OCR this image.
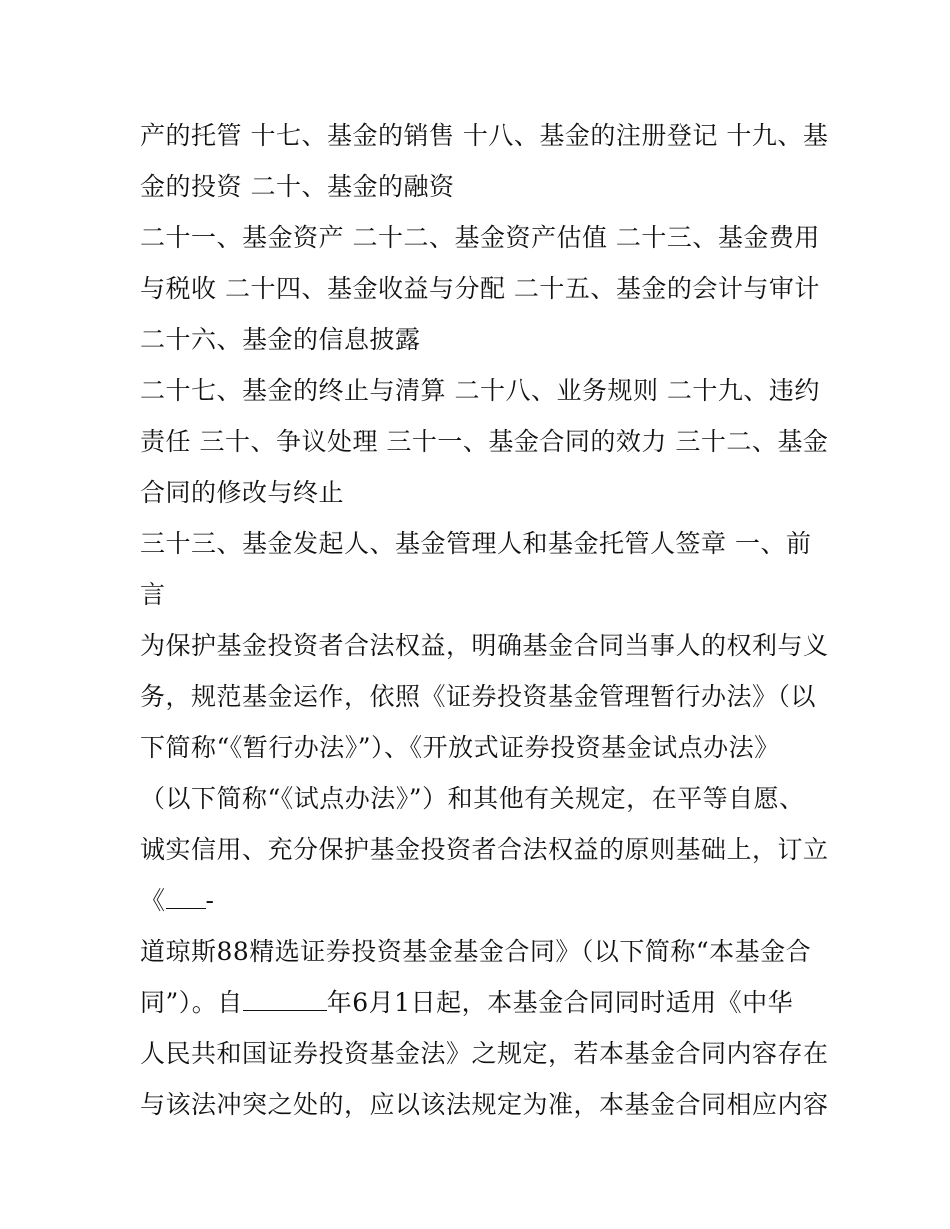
产的托管 十七、基金的销售 十八、基金的注册登记 十九、基
金的投资 二十、基金的融资
二十一、基金资产 二十二、基金资产估值 二十三、基金费用
与税收 二十四、基金收益与分配 二十五、基金的会计与审计
二十六、基金的信息披露
二十七、基金的终止与清算 二十八、业务规则 二十九、违约
责任 三十、争议处理 三十一、基金合同的效力 三十二、基金
合同的修改与终止
三十三、基金发起人、基金管理人和基金托管人签章 一、前
言
为保护基金投资者合法权益，明确基金合同当事人的权利与义
务，规范基金运作，依照《证券投资基金管理暂行办法》（以
下简称“《暂行办法》”）、《开放式证券投资基金试点办法》
（以下简称“《试点办法》”）和其他有关规定，在平等自愿、
诚实信用、充分保护基金投资者合法权益的原则基础上，订立
《 -
道琼斯88精选证券投资基金基金合同》（以下简称“本基金合
同”）。自	年6月1日起，本基金合同同时适用《中华
人民共和国证券投资基金法》之规定，若本基金合同内容存在
与该法冲突之处的，应以该法规定为准，本基金合同相应内容
